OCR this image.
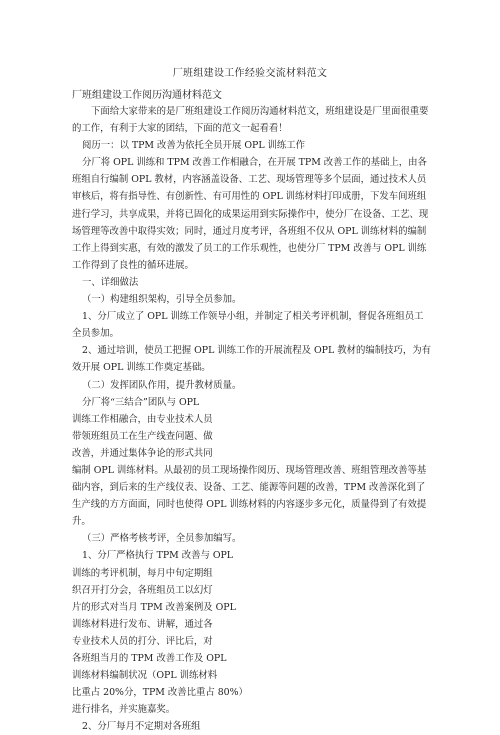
厂班组建设工作经验交流材料范文
厂班组建设工作阅历沟通材料范文

下面给大家带来的是厂班组建设工作阅历沟通材料范文，班组建设是厂里面很重要的工作，有利于大家的团结，下面的范文一起看看！

阅历一：以 TPM 改善为依托全员开展 OPL 训练工作

分厂将 OPL 训练和 TPM 改善工作相融合，在开展 TPM 改善工作的基础上，由各班组自行编制 OPL 教材，内容涵盖设备、工艺、现场管理等多个层面，通过技术人员审核后，将有指导性、有创新性、有可用性的 OPL 训练材料打印成册，下发车间班组进行学习，共享成果，并将已固化的成果运用到实际操作中，使分厂在设备、工艺、现场管理等改善中取得实效；同时，通过月度考评，各班组不仅从 OPL 训练材料的编制工作上得到实惠，有效的激发了员工的工作乐观性，也使分厂 TPM 改善与 OPL 训练工作得到了良性的循环进展。

一、详细做法

（一）构建组织架构，引导全员参加。

1、分厂成立了 OPL 训练工作领导小组，并制定了相关考评机制，督促各班组员工全员参加。

2、通过培训，使员工把握 OPL 训练工作的开展流程及 OPL 教材的编制技巧，为有效开展 OPL 训练工作奠定基础。

（二）发挥团队作用，提升教材质量。

分厂将“三结合”团队与 OPL

训练工作相融合，由专业技术人员

带领班组员工在生产线查问题、做

改善，并通过集体争论的形式共同

编制 OPL 训练材料。从最初的员工现场操作阅历、现场管理改善、班组管理改善等基础内容，到后来的生产线仪表、设备、工艺、能源等问题的改善，TPM 改善深化到了生产线的方方面面，同时也使得 OPL 训练材料的内容逐步多元化，质量得到了有效提升。

（三）严格考核考评，全员参加编写。

1、分厂严格执行 TPM 改善与 OPL

训练的考评机制，每月中旬定期组

织召开打分会，各班组员工以幻灯

片的形式对当月 TPM 改善案例及 OPL

训练材料进行发布、讲解，通过各

专业技术人员的打分、评比后，对

各班组当月的 TPM 改善工作及 OPL

训练材料编制状况（OPL 训练材料

比重占 20%分，TPM 改善比重占 80%）

进行排名，并实施嘉奖。

2、分厂每月不定期对各班组
